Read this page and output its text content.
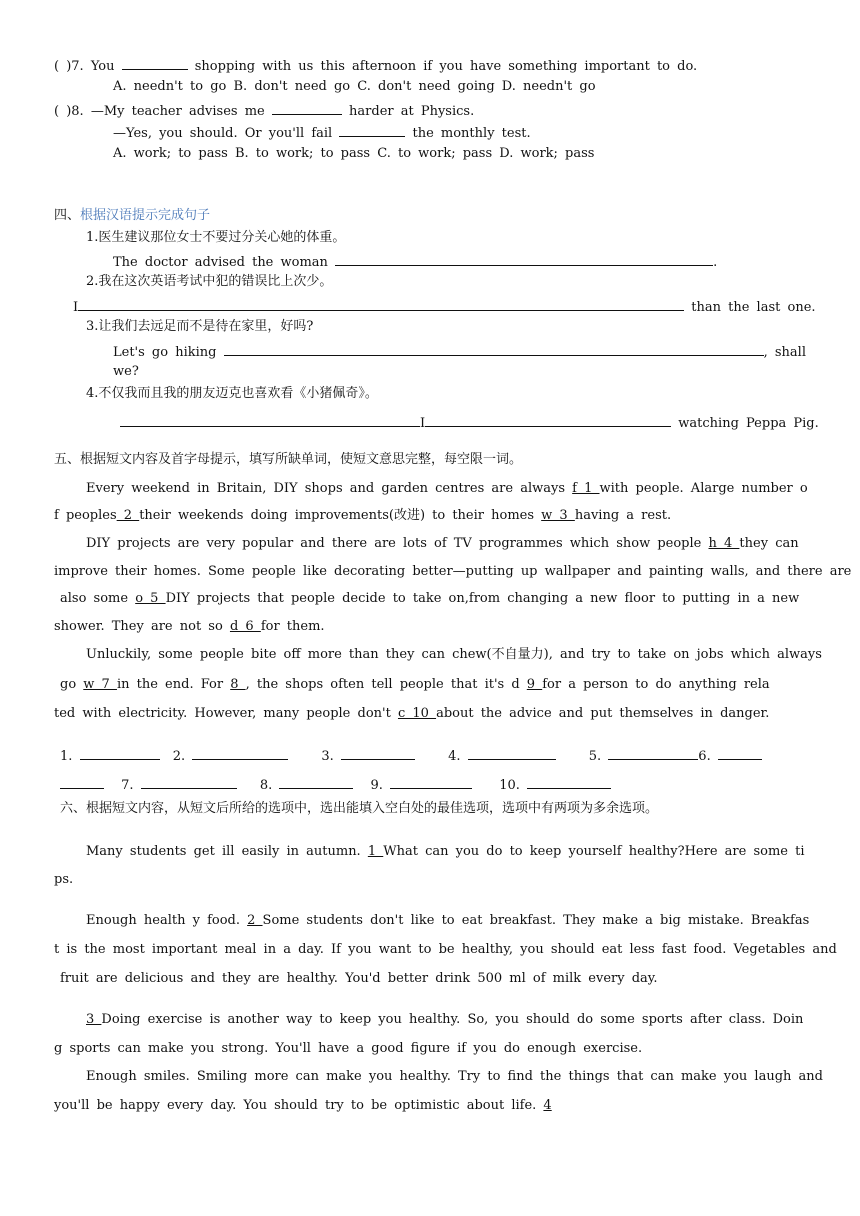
( )7. You	shopping with us this afternoon if you have something important to do.
A. needn't to go B. don't need go C. don't need going D. needn't go
( )8. —My teacher advises me	harder at Physics.
—Yes, you should. Or you'll fail	the monthly test.
A. work; to pass B. to work; to pass C. to work; pass D. work; pass
四、根据汉语提示完成句子
1.医生建议那位女士不要过分关心她的体重。
The doctor advised the woman	.
2.我在这次英语考试中犯的错误比上次少。
I	than the last one.
3.让我们去远足而不是待在家里，好吗?
Let's go hiking	, shall
we?
4.不仅我而且我的朋友迈克也喜欢看《小猪佩奇》。
I	watching Peppa Pig.
五、根据短文内容及首字母提示，填写所缺单词，使短文意思完整，每空限一词。
Every weekend in Britain, DIY shops and garden centres are always f 1 with people. Alarge number o
f peoples 2 their weekends doing improvements(改进) to their homes w 3 having a rest.
DIY projects are very popular and there are lots of TV programmes which show people h 4 they can
improve their homes. Some people like decorating better—putting up wallpaper and painting walls, and there are
also some o 5 DIY projects that people decide to take on,from changing a new floor to putting in a new
shower. They are not so d 6 for them.
Unluckily, some people bite off more than they can chew(不自量力), and try to take on jobs which always
go w 7 in the end. For 8 , the shops often tell people that it's d 9 for a person to do anything rela
ted with electricity. However, many people don't c 10 about the advice and put themselves in danger.
1.	2.	3.	4.	5.	6.
7.	8.	9.	10.
六、根据短文内容，从短文后所给的选项中，选出能填入空白处的最佳选项，选项中有两项为多余选项。
Many students get ill easily in autumn. 1 What can you do to keep yourself healthy?Here are some ti
ps.
Enough health y food. 2 Some students don't like to eat breakfast. They make a big mistake. Breakfas
t is the most important meal in a day. If you want to be healthy, you should eat less fast food. Vegetables and
fruit are delicious and they are healthy. You'd better drink 500 ml of milk every day.
3 Doing exercise is another way to keep you healthy. So, you should do some sports after class. Doin
g sports can make you strong. You'll have a good figure if you do enough exercise.
Enough smiles. Smiling more can make you healthy. Try to find the things that can make you laugh and
you'll be happy every day. You should try to be optimistic about life. 4
